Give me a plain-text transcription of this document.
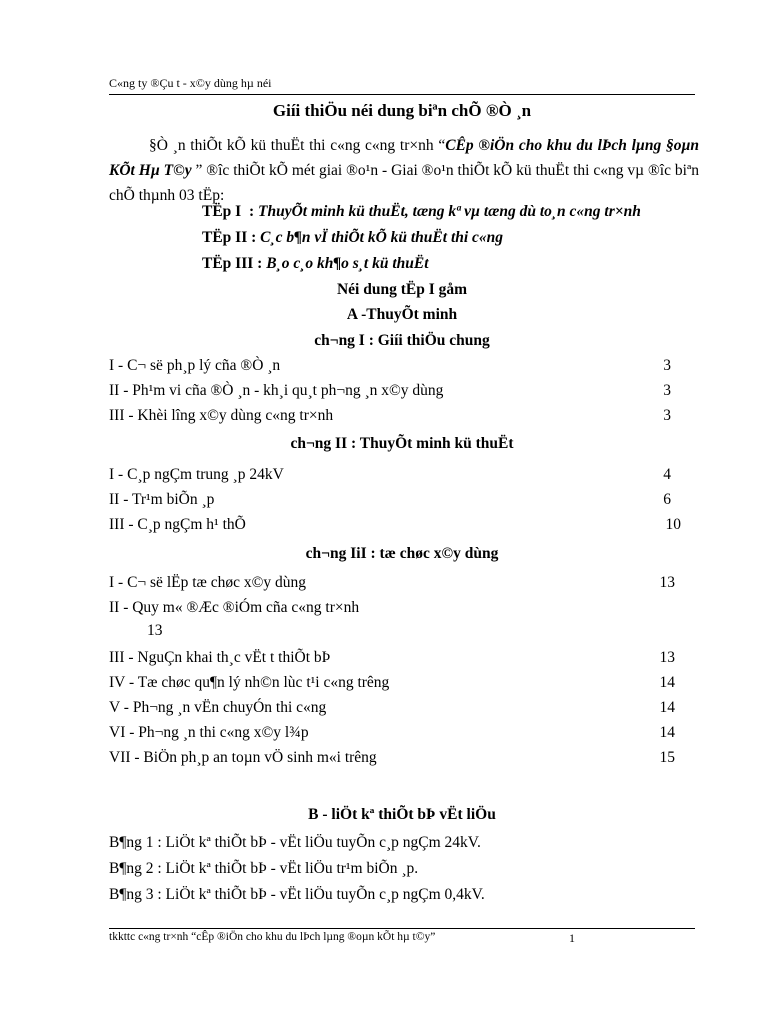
C«ng ty ®Çu t - x©y dùng hµ néi
Giíi thiÖu néi dung biªn chÕ ®Ò ¸n
§Ò ¸n thiÕt kÕ kü thuËt thi c«ng c«ng tr×nh “CÊp ®iÖn cho khu du lÞch lµng §oµn KÕt Hµ T©y ” ®îc thiÕt kÕ mét giai ®o¹n - Giai ®o¹n thiÕt kÕ kü thuËt thi c«ng vµ ®îc biªn chÕ thµnh 03 tËp:
TËp I  : ThuyÕt minh kü thuËt, tæng kª vµ tæng dù to¸n c«ng tr×nh
TËp II : C¸c b¶n vÏ thiÕt kÕ kü thuËt thi c«ng
TËp III : B¸o c¸o kh¶o s¸t kü thuËt
Néi dung tËp I gåm
A -ThuyÕt minh
ch¬ng I : Giíi thiÖu chung
I - C¬ së ph¸p lý cña ®Ò ¸n	3
II - Ph¹m vi cña ®Ò ¸n - kh¸i qu¸t ph¬ng ¸n x©y dùng	3
III - Khèi lîng x©y dùng c«ng tr×nh	3
ch¬ng II : ThuyÕt minh kü thuËt
I - C¸p ngÇm trung ¸p 24kV	4
II - Tr¹m biÕn ¸p	6
III - C¸p ngÇm h¹ thÕ	10
ch¬ng IiI : tæ chøc x©y dùng
I - C¬ së lËp tæ chøc x©y dùng	13
II - Quy m« ®Æc ®iÓm cña c«ng tr×nh
13
III - NguÇn khai th¸c vËt t thiÕt bÞ	13
IV - Tæ chøc qu¶n lý nh©n lùc t¹i c«ng trêng	14
V - Ph¬ng ¸n vËn chuyÓn thi c«ng	14
VI - Ph¬ng ¸n thi c«ng x©y l¾p	14
VII - BiÖn ph¸p an toµn vÖ sinh m«i trêng	15
B - liÖt kª thiÕt bÞ vËt liÖu
B¶ng 1 : LiÖt kª thiÕt bÞ - vËt liÖu tuyÕn c¸p ngÇm 24kV.
B¶ng 2 : LiÖt kª thiÕt bÞ - vËt liÖu tr¹m biÕn ¸p.
B¶ng 3 : LiÖt kª thiÕt bÞ - vËt liÖu tuyÕn c¸p ngÇm 0,4kV.
tkkttc c«ng tr×nh “cÊp ®iÖn cho khu du lÞch lµng ®oµn kÕt hµ t©y”	1
